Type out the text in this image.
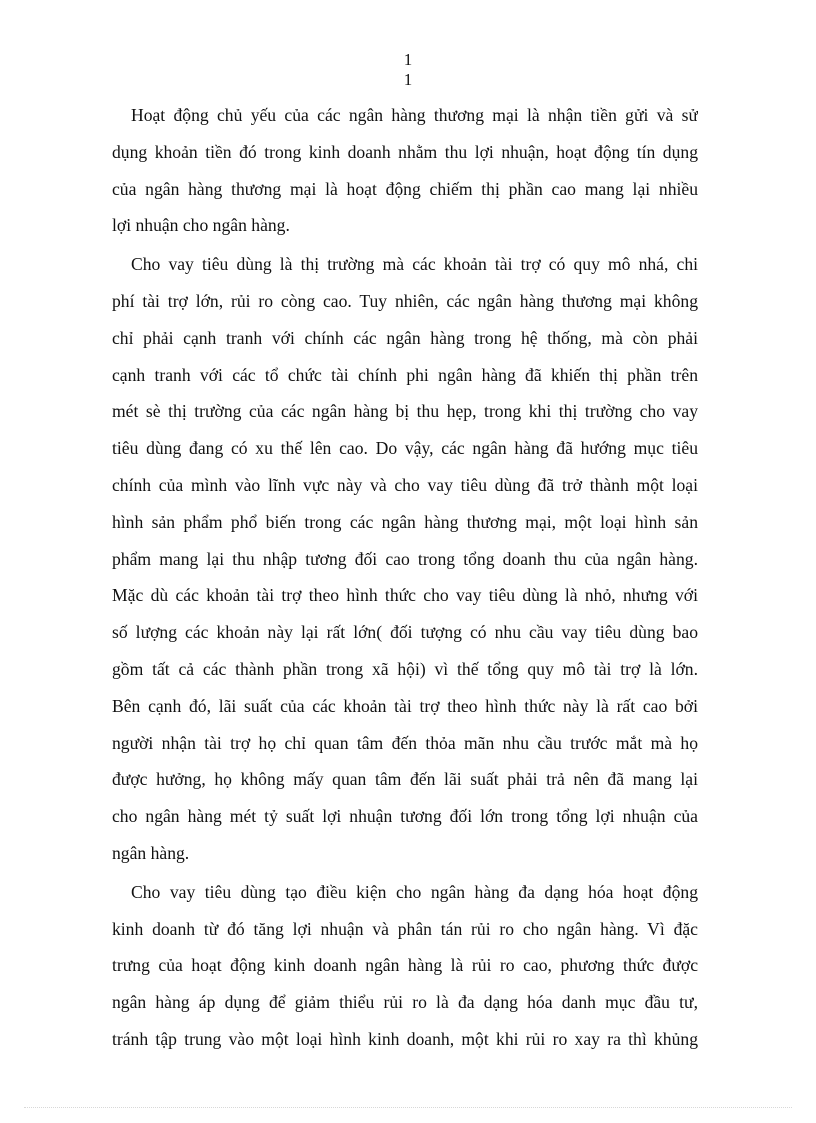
1
1
Hoạt động chủ yếu của các ngân hàng thương mại là nhận tiền gửi và sử
dụng khoản tiền đó trong kinh doanh nhằm thu lợi nhuận, hoạt động tín dụng
của ngân hàng thương mại là hoạt động chiếm thị phần cao mang lại nhiều
lợi nhuận cho ngân hàng.
Cho vay tiêu dùng là thị trường mà các khoản tài trợ có quy mô nhá, chi
phí tài trợ lớn, rủi ro còng cao. Tuy nhiên, các ngân hàng thương mại không
chỉ phải cạnh tranh với chính các ngân hàng trong hệ thống, mà còn phải
cạnh tranh với các tổ chức tài chính phi ngân hàng đã khiến thị phần trên
mét sè thị trường của các ngân hàng bị thu hẹp, trong khi thị trường cho vay
tiêu dùng đang có xu thế lên cao. Do vậy, các ngân hàng đã hướng mục tiêu
chính của mình vào lĩnh vực này và cho vay tiêu dùng đã trở thành một loại
hình sản phẩm phổ biến trong các ngân hàng thương mại, một loại hình sản
phẩm mang lại thu nhập tương đối cao trong tổng doanh thu của ngân hàng.
Mặc dù các khoản tài trợ theo hình thức cho vay tiêu dùng là nhỏ, nhưng với
số lượng các khoản này lại rất lớn( đối tượng có nhu cầu vay tiêu dùng bao
gồm tất cả các thành phần trong xã hội) vì thế tổng quy mô tài trợ là lớn.
Bên cạnh đó, lãi suất của các khoản tài trợ theo hình thức này là rất cao bởi
người nhận tài trợ họ chỉ quan tâm đến thỏa mãn nhu cầu trước mắt mà họ
được hưởng, họ không mấy quan tâm đến lãi suất phải trả nên đã mang lại
cho ngân hàng mét tỷ suất lợi nhuận tương đối lớn trong tổng lợi nhuận của
ngân hàng.
Cho vay tiêu dùng tạo điều kiện cho ngân hàng đa dạng hóa hoạt động
kinh doanh từ đó tăng lợi nhuận và phân tán rủi ro cho ngân hàng. Vì đặc
trưng của hoạt động kinh doanh ngân hàng là rủi ro cao, phương thức được
ngân hàng áp dụng để giảm thiểu rủi ro là đa dạng hóa danh mục đầu tư,
tránh tập trung vào một loại hình kinh doanh, một khi rủi ro xay ra thì khủng
